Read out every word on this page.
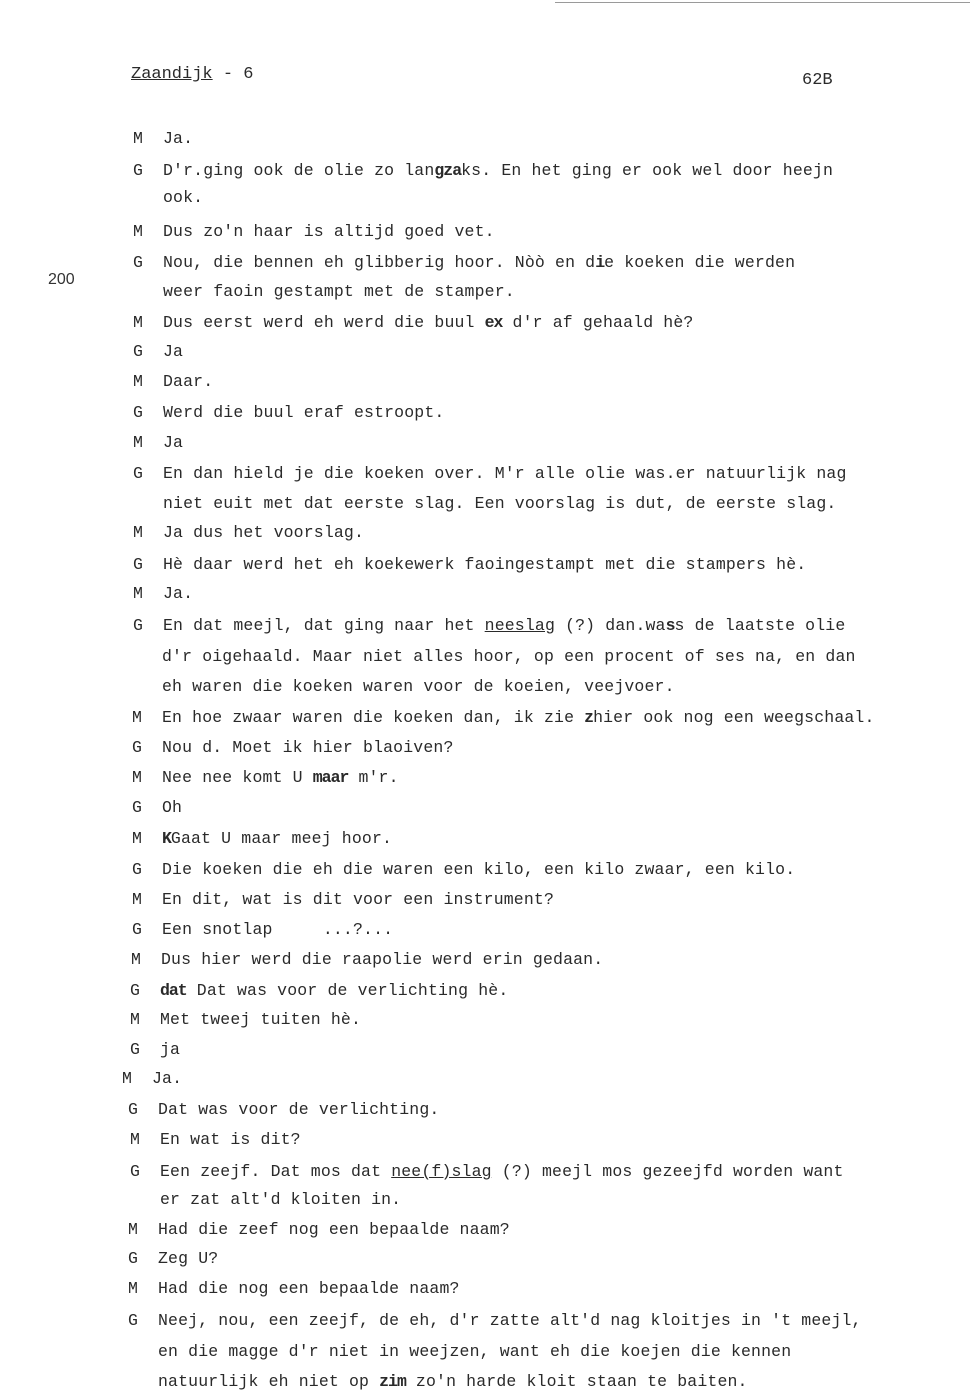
Zaandijk - 6	62B
200
M Ja.
G D'r.ging ook de olie zo langzaks. En het ging er ook wel door heejn
ook.
M Dus zo'n haar is altijd goed vet.
G Nou, die bennen eh glibberig hoor. Nòò en die koeken die werden
weer faoin gestampt met de stamper.
M Dus eerst werd eh werd die buul ex d'r af gehaald hè?
G Ja
M Daar.
G Werd die buul eraf estroopt.
M Ja
G En dan hield je die koeken over. M'r alle olie was.er natuurlijk nag
niet euit met dat eerste slag. Een voorslag is dut, de eerste slag.
M Ja dus het voorslag.
G Hè daar werd het eh koekewerk faoingestampt met die stampers hè.
M Ja.
G En dat meejl, dat ging naar het neeslag (?) dan.wass de laatste olie
d'r oigehaald. Maar niet alles hoor, op een procent of ses na, en dan
eh waren die koeken waren voor de koeien, veejvoer.
M En hoe zwaar waren die koeken dan, ik zie zhier ook nog een weegschaal.
G Nou d. Moet ik hier blaoiven?
M Nee nee komt U maar m'r.
G Oh
M KGaat U maar meej hoor.
G Die koeken die eh die waren een kilo, een kilo zwaar, een kilo.
M En dit, wat is dit voor een instrument?
G Een snotlap     ...?...
M Dus hier werd die raapolie werd erin gedaan.
G dat Dat was voor de verlichting hè.
M Met tweej tuiten hè.
G ja
M Ja.
G Dat was voor de verlichting.
M En wat is dit?
G Een zeejf. Dat mos dat nee(f)slag (?) meejl mos gezeejfd worden want
er zat alt'd kloiten in.
M Had die zeef nog een bepaalde naam?
G Zeg U?
M Had die nog een bepaalde naam?
G Neej, nou, een zeejf, de eh, d'r zatte alt'd nag kloitjes in 't meejl,
en die magge d'r niet in weejzen, want eh die koejen die kennen
natuurlijk eh niet op zim zo'n harde kloit staan te baiten.
